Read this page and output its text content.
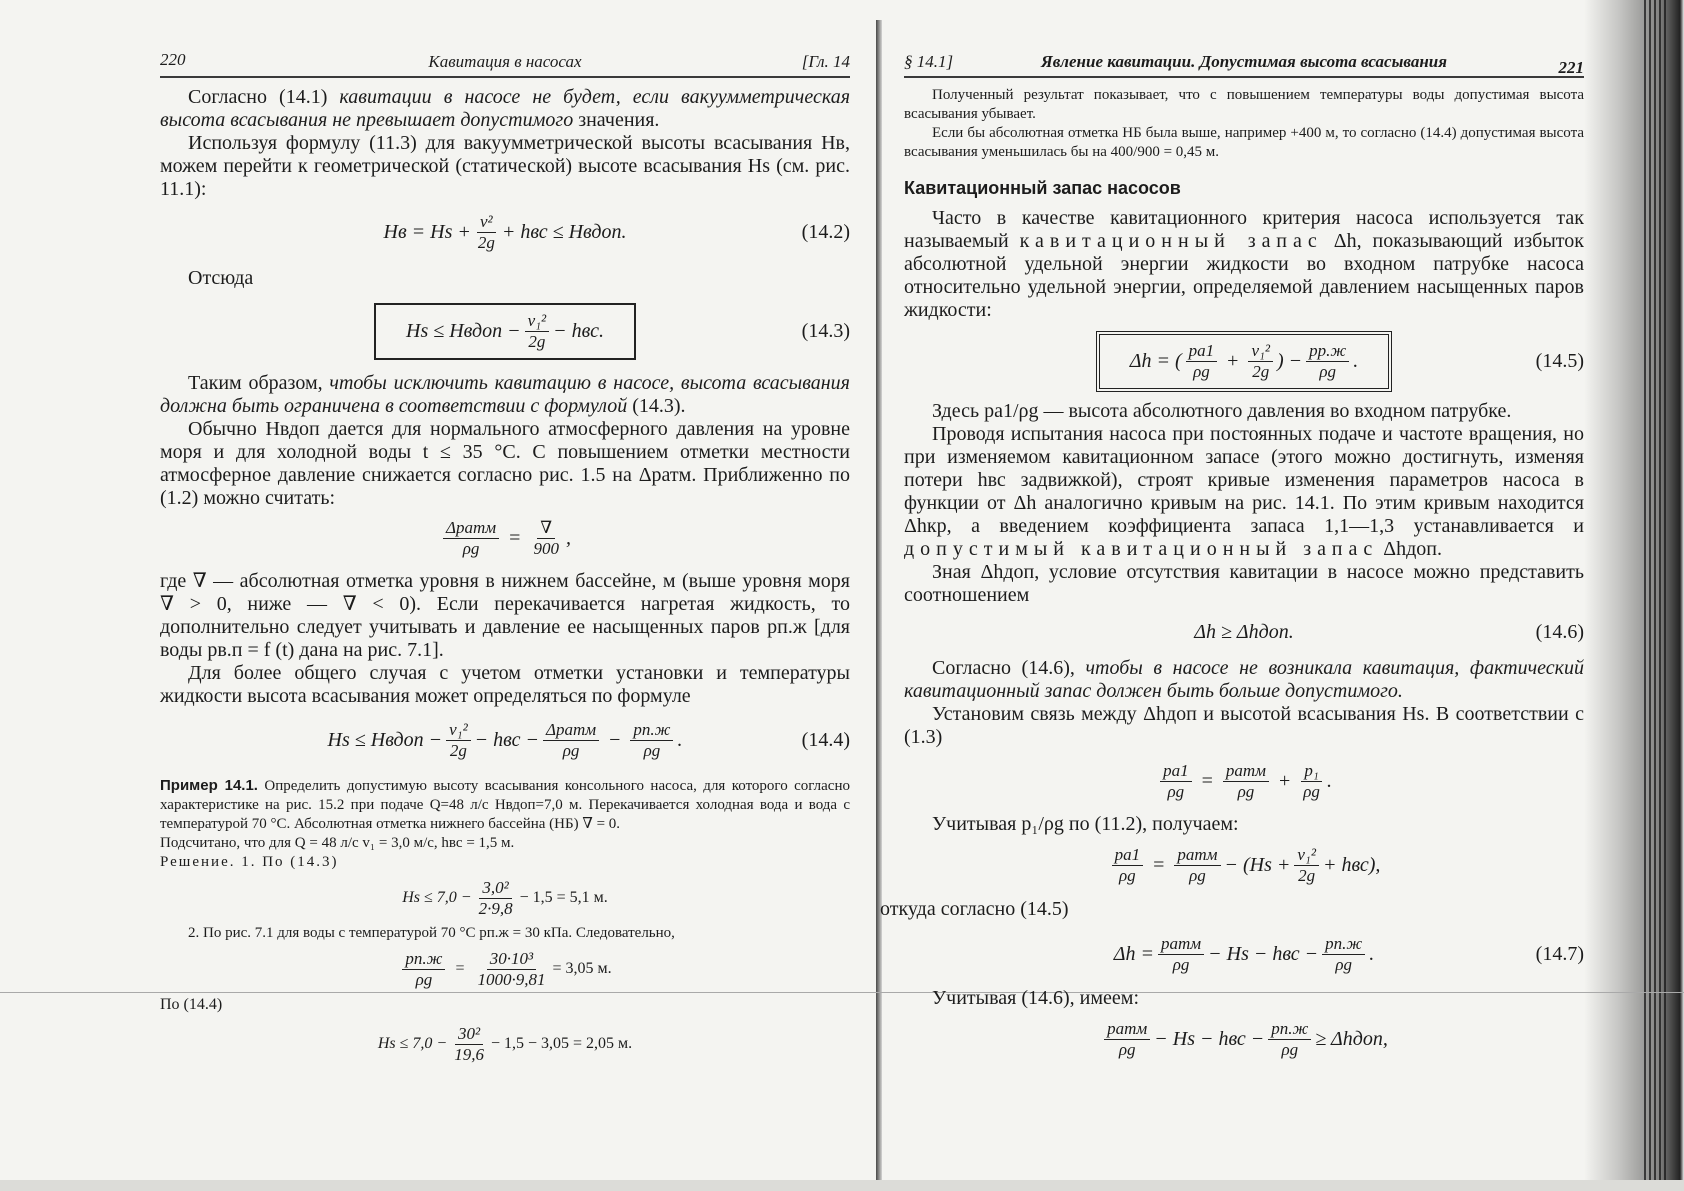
220	Кавитация в насосах	[Гл. 14

Согласно (14.1) кавитации в насосе не будет, если вакуумметрическая высота всасывания не превышает допустимого значения.

Используя формулу (11.3) для вакуумметрической высоты всасывания Hв, можем перейти к геометрической (статической) высоте всасывания Hs (см. рис. 11.1):

Hв = $Hs + \frac{\text{v²}}{2g}$ + hвс ≤ Hвдоп.	(14.2)

Отсюда

Hs ≤ Hвдоп − $\frac{\text{v₁²}}{2g}$ − hвс.	(14.3)

Таким образом, чтобы исключить кавитацию в насосе, высота всасывания должна быть ограничена в соответствии с формулой (14.3).

Обычно Hвдоп дается для нормального атмосферного давления на уровне моря и для холодной воды t ≤ 35 °C. С повышением отметки местности атмосферное давление снижается согласно рис. 1.5 на Δpатм. Приближенно по (1.2) можно считать:

$\frac{\text{Δpатм}}{\rho g} = \frac{\nabla}{900}$ ,

где ∇ — абсолютная отметка уровня в нижнем бассейне, м (выше уровня моря ∇ > 0, ниже — ∇ < 0). Если перекачивается нагретая жидкость, то дополнительно следует учитывать и давление ее насыщенных паров pп.ж [для воды pв.п = f (t) дана на рис. 7.1].

Для более общего случая с учетом отметки установки и температуры жидкости высота всасывания может определяться по формуле

Hs ≤ Hвдоп − $\frac{\text{v₁²}}{2g}$ − hвс − $\frac{\text{Δpатм}}{\rho g} - \frac{pп.ж}{\rho g}$ .	(14.4)

Пример 14.1. Определить допустимую высоту всасывания консольного насоса, для которого согласно характеристике на рис. 15.2 при подаче Q=48 л/с Hвдоп=7,0 м. Перекачивается холодная вода и вода с температурой 70 °С. Абсолютная отметка нижнего бассейна (НБ) ∇ = 0.

Подсчитано, что для Q = 48 л/с v₁ = 3,0 м/с, hвс = 1,5 м.

Решение. 1. По (14.3)

$Hs \le 7,0 - \frac{\text{3,0²}}{2\cdot 9,8} - 1,5 = 5,1$ м.

2. По рис. 7.1 для воды с температурой 70 °С pп.ж = 30 кПа. Следовательно,

$\frac{pп.ж}{\rho g} = \frac{\text{30·10³}}{1000\cdot 9,81} = 3,05$ м.

По (14.4)

$Hs \le 7,0 - \frac{\text{30²}}{19,6} - 1,5 - 3,05 = 2,05$ м.
§ 14.1]	Явление кавитации. Допустимая высота всасывания	221

Полученный результат показывает, что с повышением температуры воды допустимая высота всасывания убывает.

Если бы абсолютная отметка НБ была выше, например +400 м, то согласно (14.4) допустимая высота всасывания уменьшилась бы на 400/900 = 0,45 м.

Кавитационный запас насосов

Часто в качестве кавитационного критерия насоса используется так называемый кавитационный запас Δh, показывающий избыток абсолютной удельной энергии жидкости во входном патрубке насоса относительно удельной энергии, определяемой давлением насыщенных паров жидкости:

Δh = ( $\frac{pa1}{\rho g} + \frac{\text{v₁²}}{2g}$ ) − $\frac{pр.ж}{\rho g}$ .	(14.5)

Здесь pa1/ρg — высота абсолютного давления во входном патрубке.

Проводя испытания насоса при постоянных подаче и частоте вращения, но при изменяемом кавитационном запасе (этого можно достигнуть, изменяя потери hвс задвижкой), строят кривые изменения параметров насоса в функции от Δh аналогично кривым на рис. 14.1. По этим кривым находится Δhкр, а введением коэффициента запаса 1,1—1,3 устанавливается и допустимый кавитационный запас Δhдоп.

Зная Δhдоп, условие отсутствия кавитации в насосе можно представить соотношением

Δh ≥ Δhдоп.	(14.6)

Согласно (14.6), чтобы в насосе не возникала кавитация, фактический кавитационный запас должен быть больше допустимого.

Установим связь между Δhдоп и высотой всасывания Hs. В соответствии с (1.3)

$\frac{pa1}{\rho g} = \frac{\text{pатм}}{\rho g} + \frac{\text{p₁}}{\rho g}$ .

Учитывая p₁/ρg по (11.2), получаем:

$\frac{pa1}{\rho g} = \frac{\text{pатм}}{\rho g} - (Hs + \frac{\text{v₁²}}{2g} + hвс)$,

откуда согласно (14.5)

$\Delta h = \frac{\text{pатм}}{\rho g} - Hs$ − hвс − $\frac{pп.ж}{\rho g}$ .	(14.7)

Учитывая (14.6), имеем:

$\frac{\text{pатм}}{\rho g} - Hs$ − hвс − $\frac{pп.ж}{\rho g}$ ≥ Δhдоп,
